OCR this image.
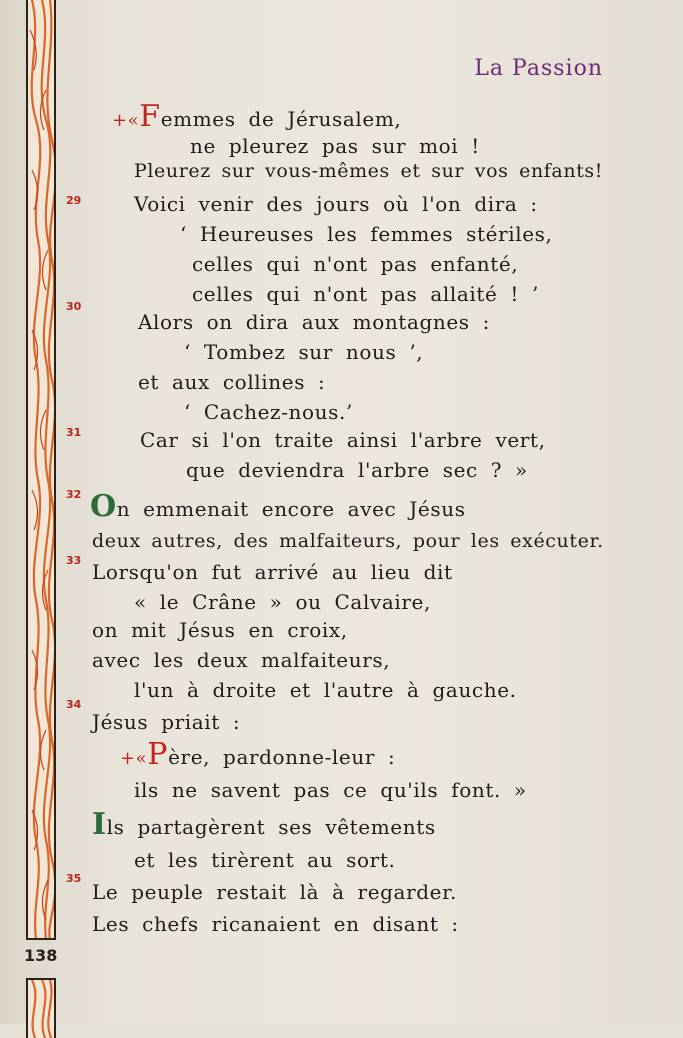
138
La Passion
29
30
31
32
33
34
35
+«Femmes de Jérusalem,
ne pleurez pas sur moi !
Pleurez sur vous-mêmes et sur vos enfants!
Voici venir des jours où l'on dira :
‘ Heureuses les femmes stériles,
celles qui n'ont pas enfanté,
celles qui n'ont pas allaité ! ’
Alors on dira aux montagnes :
‘ Tombez sur nous ’,
et aux collines :
‘ Cachez-nous.’
Car si l'on traite ainsi l'arbre vert,
que deviendra l'arbre sec ? »
On emmenait encore avec Jésus
deux autres, des malfaiteurs, pour les exécuter.
Lorsqu'on fut arrivé au lieu dit
« le Crâne » ou Calvaire,
on mit Jésus en croix,
avec les deux malfaiteurs,
l'un à droite et l'autre à gauche.
Jésus priait :
+«Père, pardonne-leur :
ils ne savent pas ce qu'ils font. »
Ils partagèrent ses vêtements
et les tirèrent au sort.
Le peuple restait là à regarder.
Les chefs ricanaient en disant :
